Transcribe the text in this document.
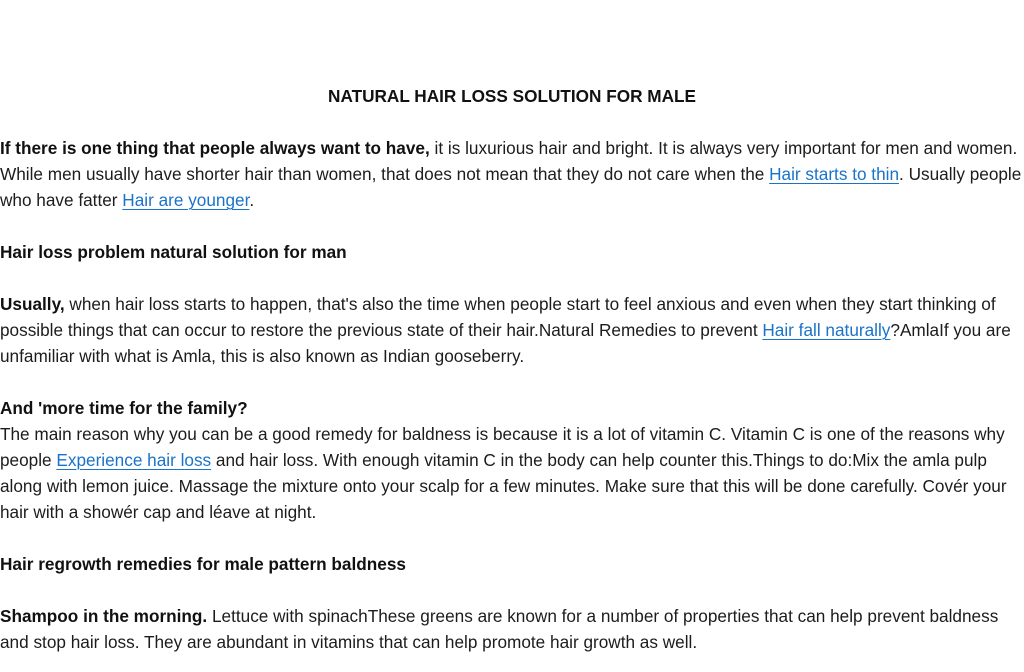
NATURAL HAIR LOSS SOLUTION FOR MALE

If there is one thing that people always want to have, it is luxurious hair and bright. It is always very important for men and women. While men usually have shorter hair than women, that does not mean that they do not care when the Hair starts to thin. Usually people who have fatter Hair are younger.

Hair loss problem natural solution for man

Usually, when hair loss starts to happen, that's also the time when people start to feel anxious and even when they start thinking of possible things that can occur to restore the previous state of their hair.Natural Remedies to prevent Hair fall naturally?AmlaIf you are unfamiliar with what is Amla, this is also known as Indian gooseberry.

And 'more time for the family?

The main reason why you can be a good remedy for baldness is because it is a lot of vitamin C. Vitamin C is one of the reasons why people Experience hair loss and hair loss. With enough vitamin C in the body can help counter this.Things to do:Mix the amla pulp along with lemon juice. Massage the mixture onto your scalp for a few minutes. Make sure that this will be done carefully. Covér your hair with a showér cap and léave at night.

Hair regrowth remedies for male pattern baldness

Shampoo in the morning. Lettuce with spinachThese greens are known for a number of properties that can help prevent baldness and stop hair loss. They are abundant in vitamins that can help promote hair growth as well.
